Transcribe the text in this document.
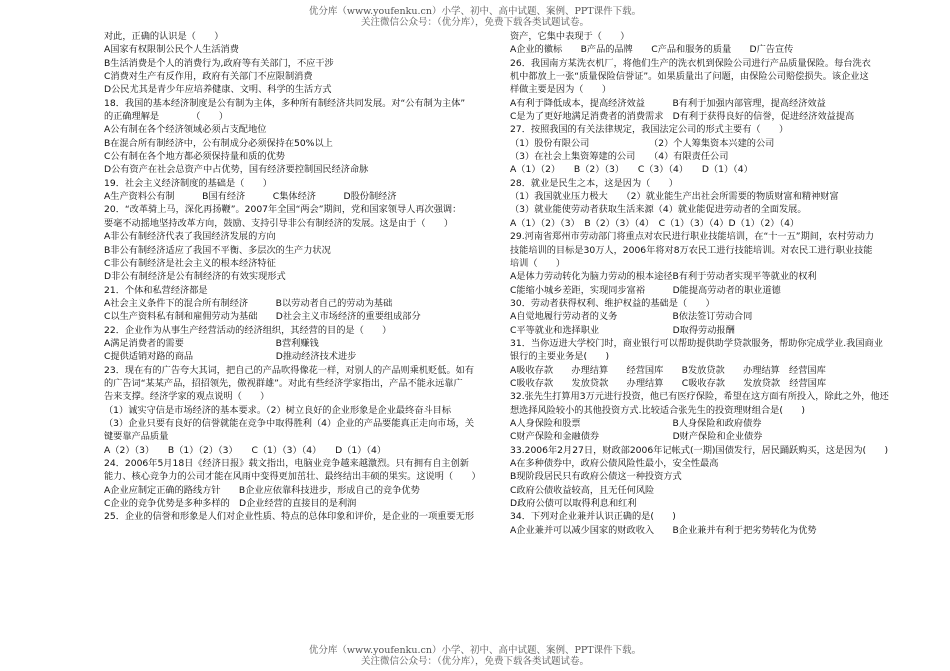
优分库（www.youfenku.cn）小学、初中、高中试题、案例、PPT课件下载。
关注微信公众号：（优分库），免费下载各类试题试卷。
对此，正确的认识是（　　）
A国家有权限制公民个人生活消费
B生活消费是个人的消费行为,政府等有关部门，不应干涉
C消费对生产有反作用，政府有关部门不应限制消费
D公民尤其是青少年应培养健康、文明、科学的生活方式
18．我国的基本经济制度是公有制为主体，多种所有制经济共同发展。对“公有制为主体”
的正确理解是　　　　（　　）
A公有制在各个经济领域必须占支配地位
B在混合所有制经济中，公有制成分必须保持在50%以上
C公有制在各个地方都必须保持量和质的优势
D公有资产在社会总资产中占优势，国有经济要控制国民经济命脉
19．社会主义经济制度的基础是（　　）
A生产资料公有制　　　B国有经济　　　C集体经济　　　D股份制经济
20．“改革骑上马，深化再扬鞭”。2007年全国“两会”期间，党和国家领导人再次强调：
要毫不动摇地坚持改革方向，鼓励、支持引导非公有制经济的发展。这是由于（　　）
A非公有制经济代表了我国经济发展的方向
B非公有制经济适应了我国不平衡、多层次的生产力状况
C非公有制经济是社会主义的根本经济特征
D非公有制经济是公有制经济的有效实现形式
21．个体和私营经济都是
A社会主义条件下的混合所有制经济　　　B以劳动者自己的劳动为基础
C以生产资料私有制和雇佣劳动为基础　　D社会主义市场经济的重要组成部分
22．企业作为从事生产经营活动的经济组织，其经营的目的是（　　）
A满足消费者的需要　　　　　　　　　　B营利赚钱
C提供适销对路的商品　　　　　　　　　D推动经济技术进步
23．现在有的广告夸大其词，把自己的产品吹得像花一样，对别人的产品则乘机贬低。如有
的广告词“某某产品，招招领先，傲视群雄”。对此有些经济学家指出，产品不能永远靠广
告来支撑。经济学家的观点说明（　　）
（1）诚实守信是市场经济的基本要求。（2）树立良好的企业形象是企业最终奋斗目标
（3）企业只要有良好的信誉就能在竞争中取得胜利（4）企业的产品要能真正走向市场，关
键要靠产品质量
A（2）（3）　　B（1）（2）（3）　　C（1）（3）（4）　　D（1）（4）
24．2006年5月18日《经济日报》载文指出，电脑业竞争越来越激烈。只有拥有自主创新
能力、核心竞争力的公司才能在风雨中变得更加茁壮、最终结出丰硕的果实。这说明（　　）
A企业应制定正确的路线方针　　B企业应依靠科技进步，形成自己的竞争优势
C企业的竞争优势是多种多样的　D企业经营的直接目的是利润
25．企业的信誉和形象是人们对企业性质、特点的总体印象和评价，是企业的一项重要无形
资产，它集中表现于（　　）
A企业的徽标　　B产品的品牌　　C产品和服务的质量　　D广告宣传
26．我国南方某洗衣机厂，将他们生产的洗衣机到保险公司进行产品质量保险。每台洗衣
机中都放上一张“质量保险信誉证”。如果质量出了问题，由保险公司赔偿损失。该企业这
样做主要是因为（　　）
A有利于降低成本，提高经济效益　　　B有利于加强内部管理，提高经济效益
C是为了更好地满足消费者的消费需求　D有利于获得良好的信誉，促进经济效益提高
27．按照我国的有关法律规定，我国法定公司的形式主要有（　　）
（1）股份有限公司　　　　　　　（2）个人筹集资本兴建的公司
（3）在社会上集资筹建的公司　　（4）有限责任公司
A（1）（2）　　B（2）（3）　　C（3）（4）　　D（1）（4）
28．就业是民生之本，这是因为（　　）
（1）我国就业压力极大　　（2）就业能生产出社会所需要的物质财富和精神财富
（3）就业能使劳动者获取生活来源（4）就业能促进劳动者的全面发展。
A（1）（2）（3）　B（2）（3）（4）　C（1）（3）（4）D（1）（2）（4）
29.河南省郑州市劳动部门将重点对农民进行职业技能培训，在“十一五”期间，农村劳动力
技能培训的目标是30万人，2006年将对8万农民工进行技能培训。对农民工进行职业技能
培训（　　）
A是体力劳动转化为脑力劳动的根本途径B有利于劳动者实现平等就业的权利
C能缩小城乡差距，实现同步富裕　　　D能提高劳动者的职业道德
30．劳动者获得权利、维护权益的基础是（　　）
A自觉地履行劳动者的义务　　　　　　B依法签订劳动合同
C平等就业和选择职业　　　　　　　　D取得劳动报酬
31．当你迈进大学校门时，商业银行可以帮助提供助学贷款服务，帮助你完成学业.我国商业
银行的主要业务是(　　)
A吸收存款　　办理结算　　经营国库　　B发放贷款　　办理结算　经营国库
C吸收存款　　发放贷款　　办理结算　　C吸收存款　　发放贷款　经营国库
32.张先生打算用3万元进行投资，他已有医疗保险，希望在这方面有所投入，除此之外，他还
想选择风险较小的其他投资方式.比较适合张先生的投资理财组合是(　　)
A人身保险和股票　　　　　　　　　　B人身保险和政府债券
C财产保险和金融债券　　　　　　　　D财产保险和企业债券
33.2006年2月27日，财政部2006年记帐式(一期)国债发行，居民踊跃购买，这是因为(　　)
A在多种债券中，政府公债风险性最小，安全性最高
B现阶段居民只有政府公债这一种投资方式
C政府公债收益较高，且无任何风险
D政府公债可以取得利息和红利
34．下列对企业兼并认识正确的是(　　)
A企业兼并可以减少国家的财政收入　　B企业兼并有利于把劣势转化为优势
优分库（www.youfenku.cn）小学、初中、高中试题、案例、PPT课件下载。
关注微信公众号：（优分库），免费下载各类试题试卷。
